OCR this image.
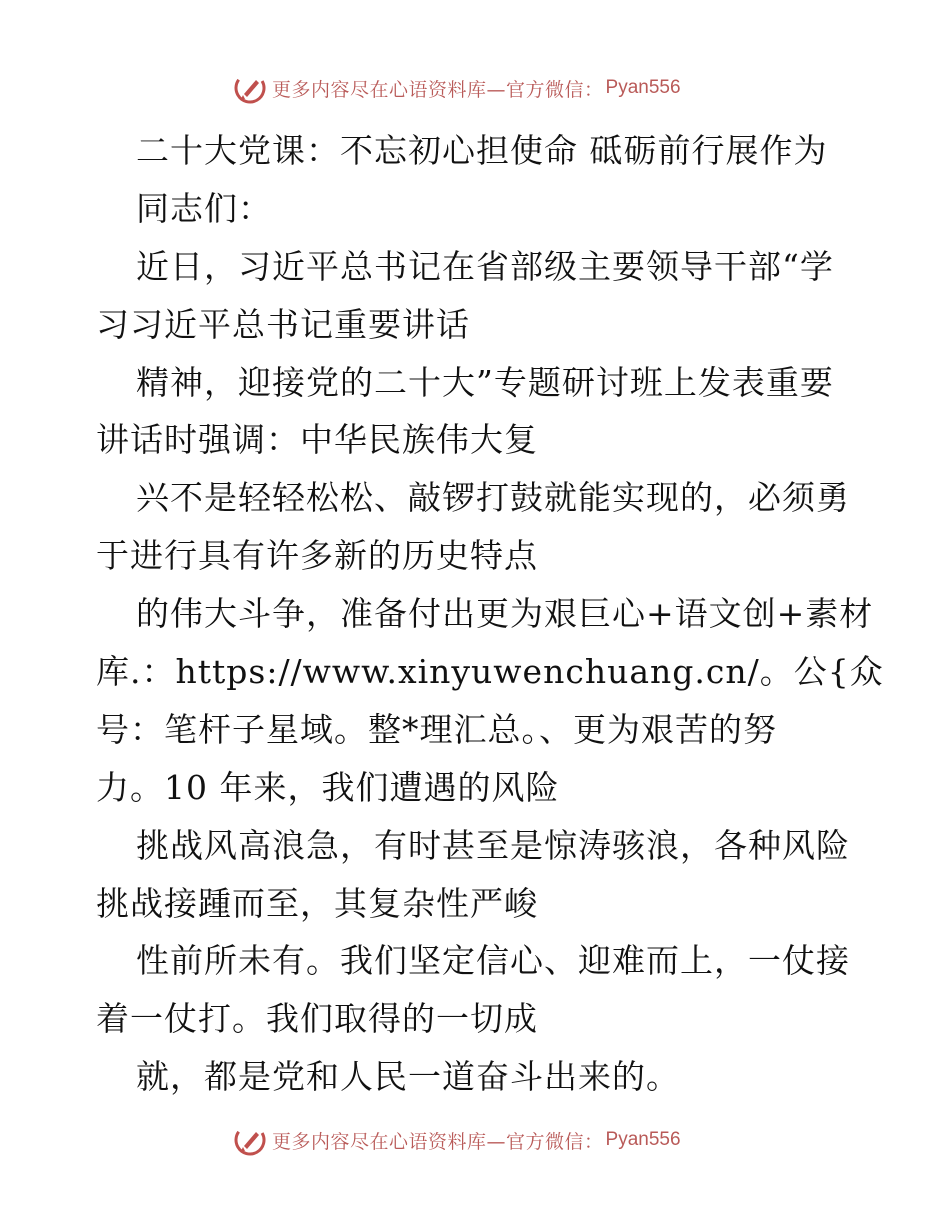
更多内容尽在心语资料库—官方微信： Pyan556
二十大党课：不忘初心担使命 砥砺前行展作为
同志们：
近日，习近平总书记在省部级主要领导干部“学
习习近平总书记重要讲话
精神，迎接党的二十大”专题研讨班上发表重要
讲话时强调：中华民族伟大复
兴不是轻轻松松、敲锣打鼓就能实现的，必须勇
于进行具有许多新的历史特点
的伟大斗争，准备付出更为艰巨心+语文创+素材
库.：https://www.xinyuwenchuang.cn/。公{众
号：笔杆子星域。整*理汇总。、更为艰苦的努
力。10 年来，我们遭遇的风险
挑战风高浪急，有时甚至是惊涛骇浪，各种风险
挑战接踵而至，其复杂性严峻
性前所未有。我们坚定信心、迎难而上，一仗接
着一仗打。我们取得的一切成
就，都是党和人民一道奋斗出来的。
更多内容尽在心语资料库—官方微信： Pyan556
